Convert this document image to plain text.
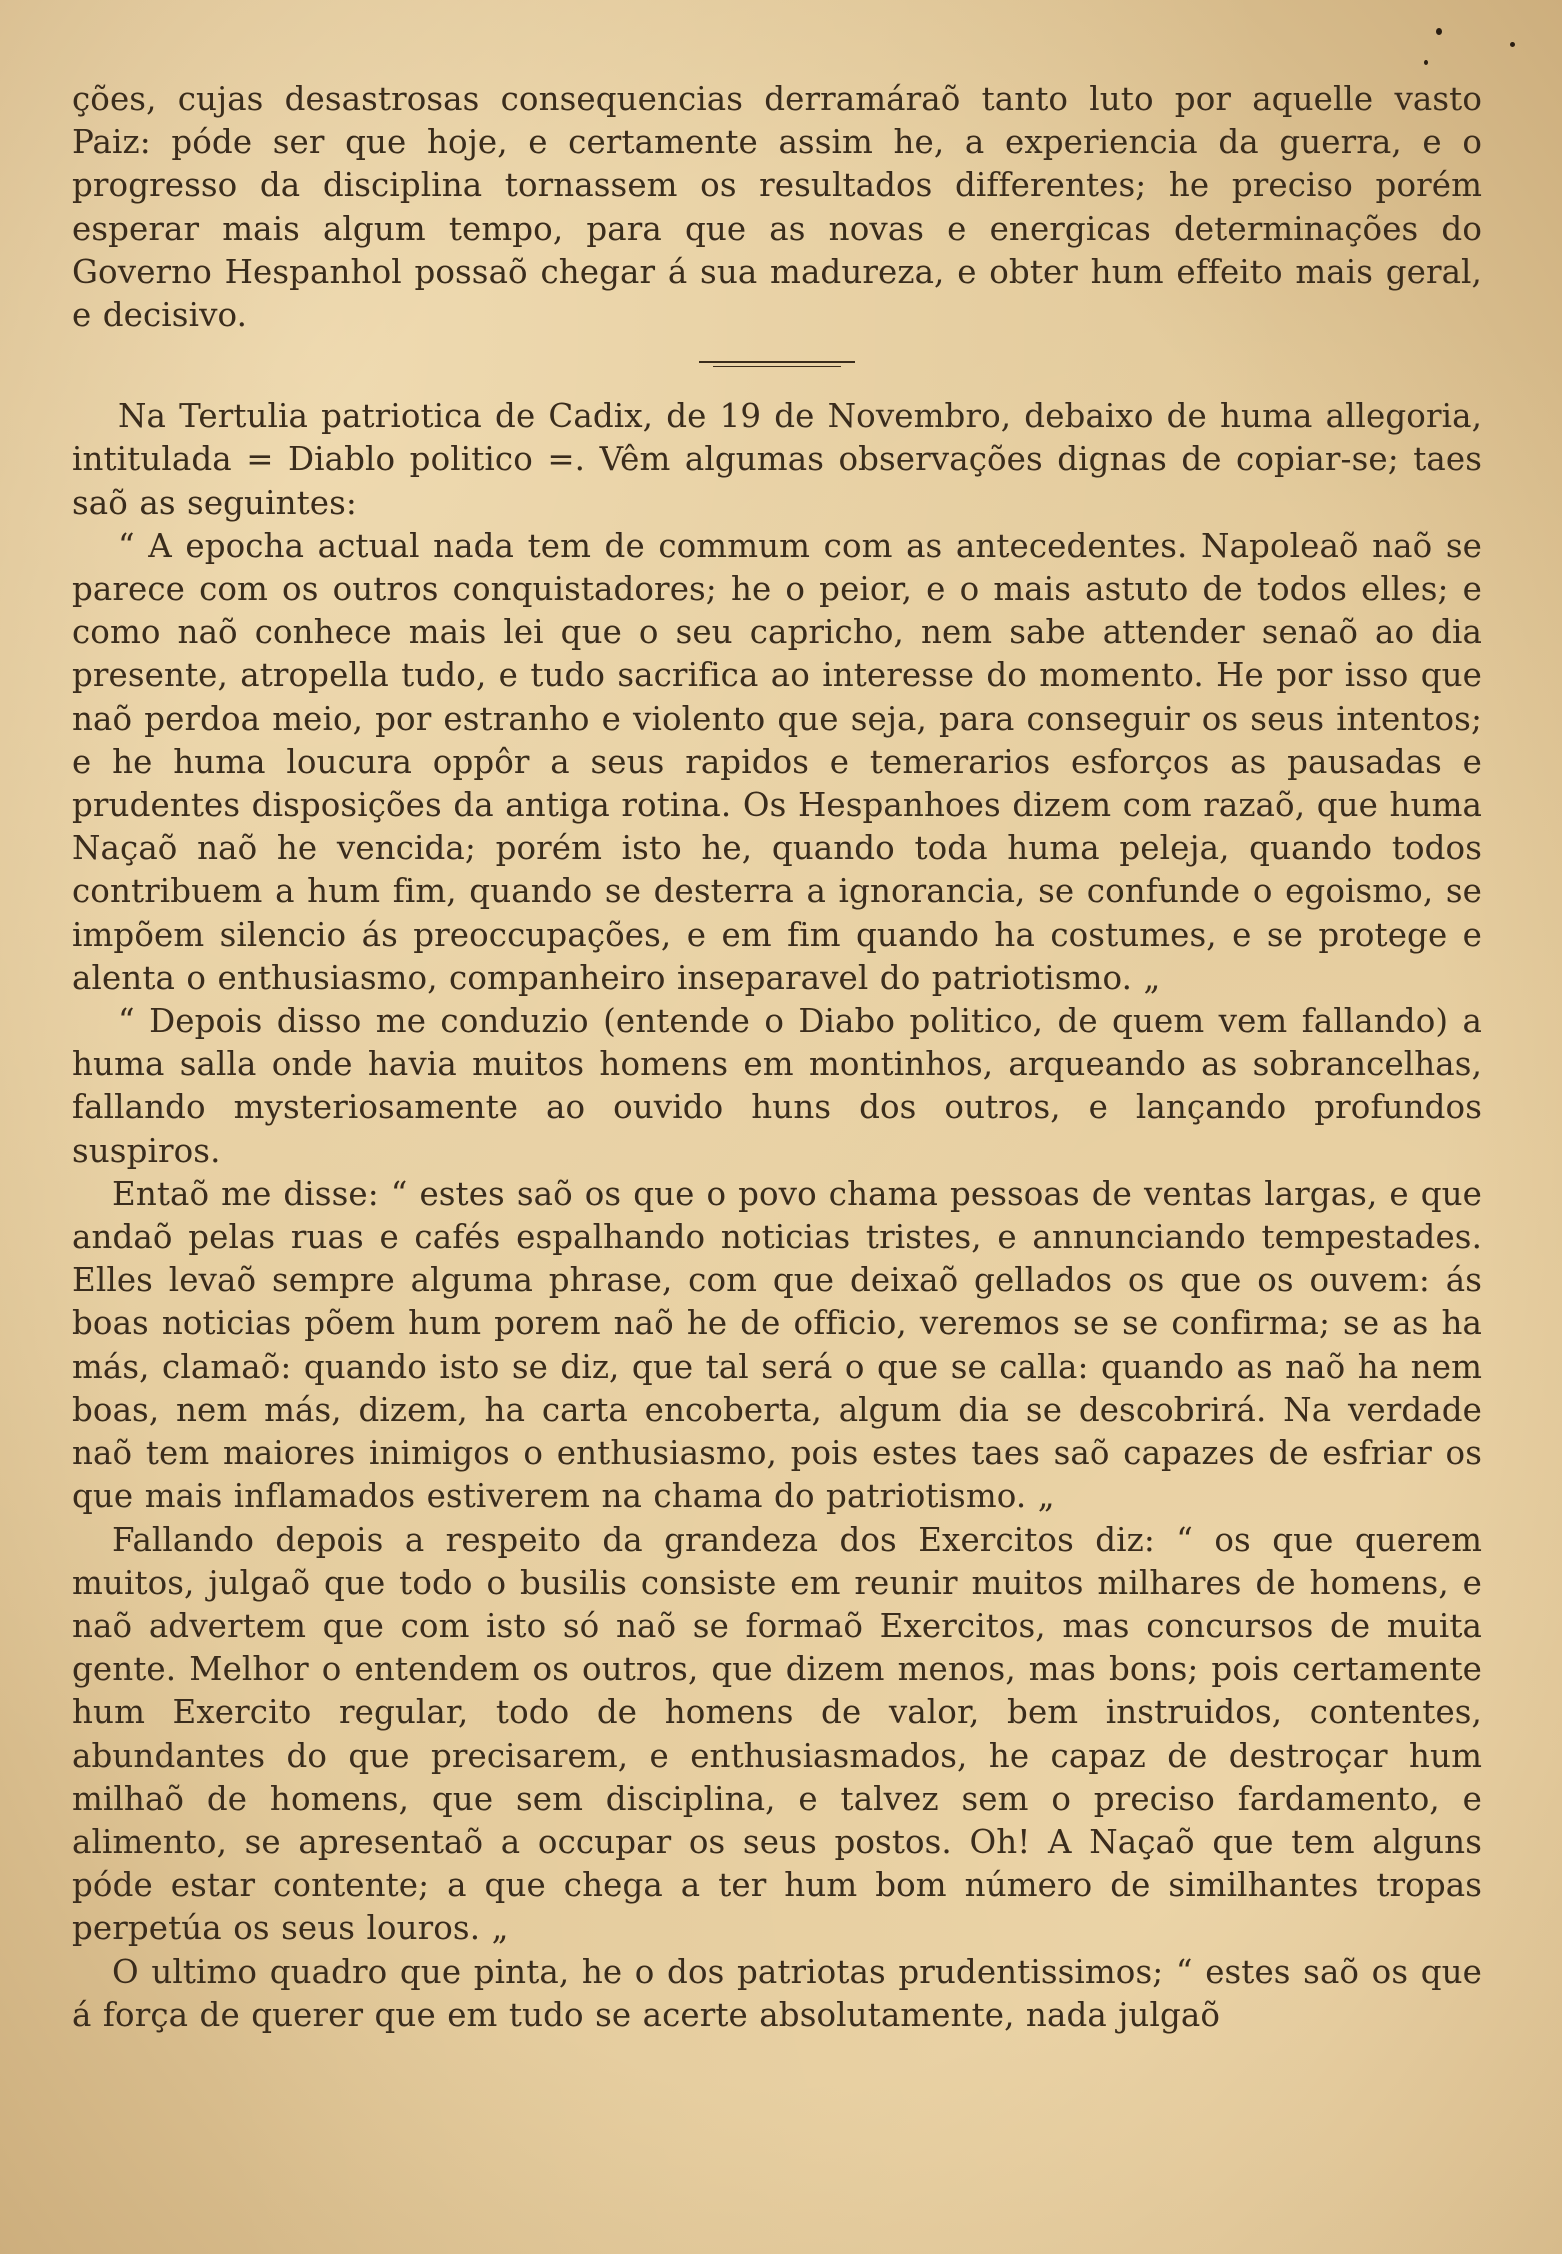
ções, cujas desastrosas consequencias derramáraõ tanto luto por aquelle vasto Paiz: póde ser que hoje, e certamente assim he, a experiencia da guerra, e o progresso da disciplina tornassem os resultados differentes; he preciso porém esperar mais algum tempo, para que as novas e energicas determinações do Governo Hespanhol possaõ chegar á sua madureza, e obter hum effeito mais geral, e decisivo.

Na Tertulia patriotica de Cadix, de 19 de Novembro, debaixo de huma allegoria, intitulada = Diablo politico =. Vêm algumas observações dignas de copiar-se; taes saõ as seguintes:

“ A epocha actual nada tem de commum com as antecedentes. Napoleaõ naõ se parece com os outros conquistadores; he o peior, e o mais astuto de todos elles; e como naõ conhece mais lei que o seu capricho, nem sabe attender senaõ ao dia presente, atropella tudo, e tudo sacrifica ao interesse do momento. He por isso que naõ perdoa meio, por estranho e violento que seja, para conseguir os seus intentos; e he huma loucura oppôr a seus rapidos e temerarios esforços as pausadas e prudentes disposições da antiga rotina. Os Hespanhoes dizem com razaõ, que huma Naçaõ naõ he vencida; porém isto he, quando toda huma peleja, quando todos contribuem a hum fim, quando se desterra a ignorancia, se confunde o egoismo, se impõem silencio ás preoccupações, e em fim quando ha costumes, e se protege e alenta o enthusiasmo, companheiro inseparavel do patriotismo. „

“ Depois disso me conduzio (entende o Diabo politico, de quem vem fallando) a huma salla onde havia muitos homens em montinhos, arqueando as sobrancelhas, fallando mysteriosamente ao ouvido huns dos outros, e lançando profundos suspiros.

Entaõ me disse: “ estes saõ os que o povo chama pessoas de ventas largas, e que andaõ pelas ruas e cafés espalhando noticias tristes, e annunciando tempestades. Elles levaõ sempre alguma phrase, com que deixaõ gellados os que os ouvem: ás boas noticias põem hum porem naõ he de officio, veremos se se confirma; se as ha más, clamaõ: quando isto se diz, que tal será o que se calla: quando as naõ ha nem boas, nem más, dizem, ha carta encoberta, algum dia se descobrirá. Na verdade naõ tem maiores inimigos o enthusiasmo, pois estes taes saõ capazes de esfriar os que mais inflamados estiverem na chama do patriotismo. „

Fallando depois a respeito da grandeza dos Exercitos diz: “ os que querem muitos, julgaõ que todo o busilis consiste em reunir muitos milhares de homens, e naõ advertem que com isto só naõ se formaõ Exercitos, mas concursos de muita gente. Melhor o entendem os outros, que dizem menos, mas bons; pois certamente hum Exercito regular, todo de homens de valor, bem instruidos, contentes, abundantes do que precisarem, e enthusiasmados, he capaz de destroçar hum milhaõ de homens, que sem disciplina, e talvez sem o preciso fardamento, e alimento, se apresentaõ a occupar os seus postos. Oh! A Naçaõ que tem alguns póde estar contente; a que chega a ter hum bom número de similhantes tropas perpetúa os seus louros. „

O ultimo quadro que pinta, he o dos patriotas prudentissimos; “ estes saõ os que á força de querer que em tudo se acerte absolutamente, nada julgaõ
